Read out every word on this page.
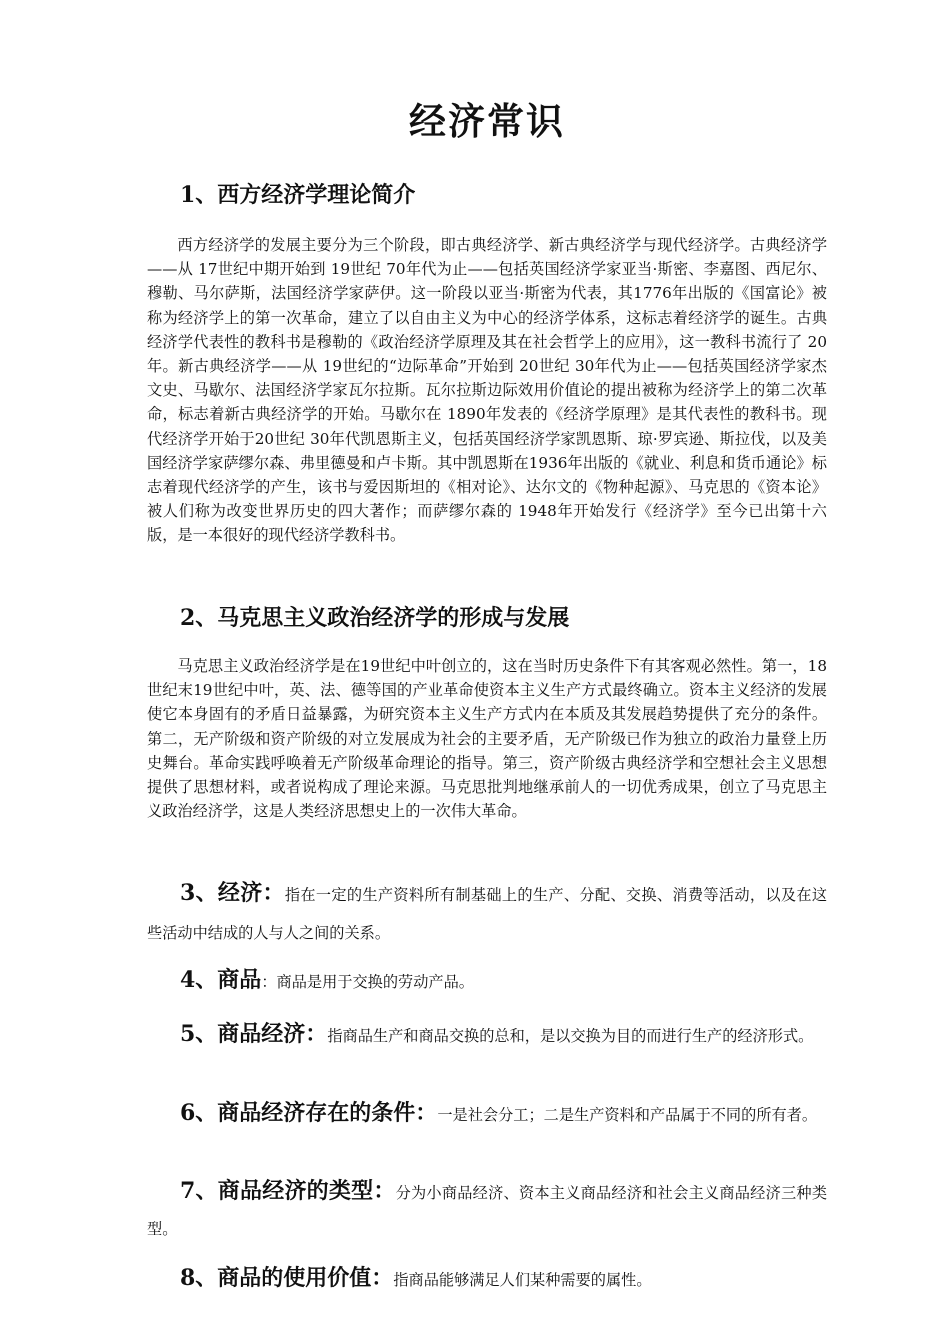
经济常识
1、西方经济学理论简介

西方经济学的发展主要分为三个阶段，即古典经济学、新古典经济学与现代经济学。古典经济学——从 17世纪中期开始到 19世纪 70年代为止——包括英国经济学家亚当·斯密、李嘉图、西尼尔、穆勒、马尔萨斯，法国经济学家萨伊。这一阶段以亚当·斯密为代表，其1776年出版的《国富论》被称为经济学上的第一次革命，建立了以自由主义为中心的经济学体系，这标志着经济学的诞生。古典经济学代表性的教科书是穆勒的《政治经济学原理及其在社会哲学上的应用》，这一教科书流行了 20年。新古典经济学——从 19世纪的“边际革命”开始到 20世纪 30年代为止——包括英国经济学家杰文史、马歇尔、法国经济学家瓦尔拉斯。瓦尔拉斯边际效用价值论的提出被称为经济学上的第二次革命，标志着新古典经济学的开始。马歇尔在 1890年发表的《经济学原理》是其代表性的教科书。现代经济学开始于20世纪 30年代凯恩斯主义，包括英国经济学家凯恩斯、琼·罗宾逊、斯拉伐，以及美国经济学家萨缪尔森、弗里德曼和卢卡斯。其中凯恩斯在1936年出版的《就业、利息和货币通论》标志着现代经济学的产生，该书与爱因斯坦的《相对论》、达尔文的《物种起源》、马克思的《资本论》被人们称为改变世界历史的四大著作；而萨缪尔森的 1948年开始发行《经济学》至今已出第十六版，是一本很好的现代经济学教科书。

2、马克思主义政治经济学的形成与发展

马克思主义政治经济学是在19世纪中叶创立的，这在当时历史条件下有其客观必然性。第一，18世纪末19世纪中叶，英、法、德等国的产业革命使资本主义生产方式最终确立。资本主义经济的发展使它本身固有的矛盾日益暴露，为研究资本主义生产方式内在本质及其发展趋势提供了充分的条件。第二，无产阶级和资产阶级的对立发展成为社会的主要矛盾，无产阶级已作为独立的政治力量登上历史舞台。革命实践呼唤着无产阶级革命理论的指导。第三，资产阶级古典经济学和空想社会主义思想提供了思想材料，或者说构成了理论来源。马克思批判地继承前人的一切优秀成果，创立了马克思主义政治经济学，这是人类经济思想史上的一次伟大革命。

3、经济：指在一定的生产资料所有制基础上的生产、分配、交换、消费等活动，以及在这些活动中结成的人与人之间的关系。

4、商品：商品是用于交换的劳动产品。

5、商品经济：指商品生产和商品交换的总和，是以交换为目的而进行生产的经济形式。

6、商品经济存在的条件：一是社会分工；二是生产资料和产品属于不同的所有者。

7、商品经济的类型：分为小商品经济、资本主义商品经济和社会主义商品经济三种类型。

8、商品的使用价值：指商品能够满足人们某种需要的属性。
